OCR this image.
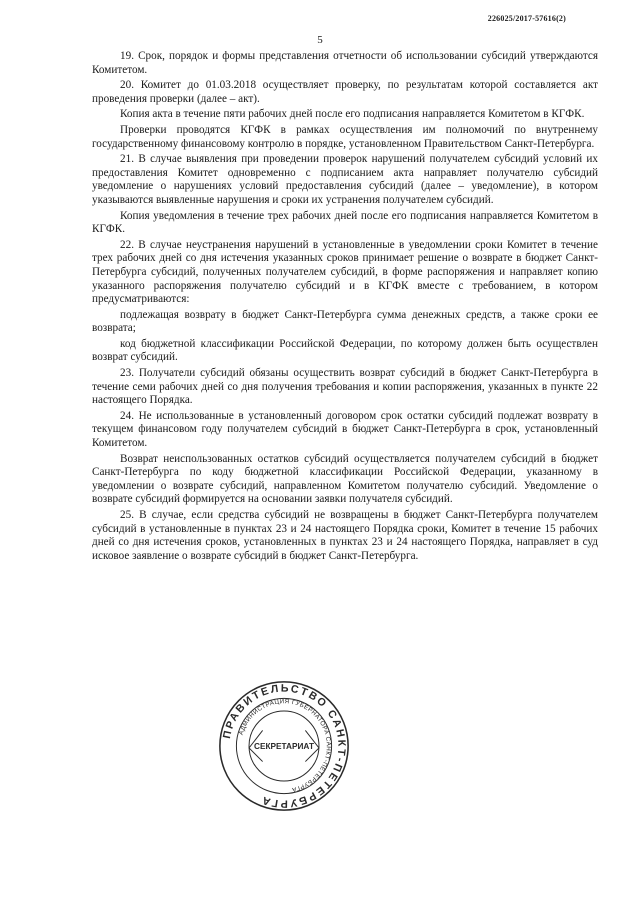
226025/2017-57616(2)
5

19. Срок, порядок и формы представления отчетности об использовании субсидий утверждаются Комитетом.

20. Комитет до 01.03.2018 осуществляет проверку, по результатам которой составляется акт проведения проверки (далее – акт).

Копия акта в течение пяти рабочих дней после его подписания направляется Комитетом в КГФК.

Проверки проводятся КГФК в рамках осуществления им полномочий по внутреннему государственному финансовому контролю в порядке, установленном Правительством Санкт-Петербурга.

21. В случае выявления при проведении проверок нарушений получателем субсидий условий их предоставления Комитет одновременно с подписанием акта направляет получателю субсидий уведомление о нарушениях условий предоставления субсидий (далее – уведомление), в котором указываются выявленные нарушения и сроки их устранения получателем субсидий.

Копия уведомления в течение трех рабочих дней после его подписания направляется Комитетом в КГФК.

22. В случае неустранения нарушений в установленные в уведомлении сроки Комитет в течение трех рабочих дней со дня истечения указанных сроков принимает решение о возврате в бюджет Санкт-Петербурга субсидий, полученных получателем субсидий, в форме распоряжения и направляет копию указанного распоряжения получателю субсидий и в КГФК вместе с требованием, в котором предусматриваются:

подлежащая возврату в бюджет Санкт-Петербурга сумма денежных средств, а также сроки ее возврата;

код бюджетной классификации Российской Федерации, по которому должен быть осуществлен возврат субсидий.

23. Получатели субсидий обязаны осуществить возврат субсидий в бюджет Санкт-Петербурга в течение семи рабочих дней со дня получения требования и копии распоряжения, указанных в пункте 22 настоящего Порядка.

24. Не использованные в установленный договором срок остатки субсидий подлежат возврату в текущем финансовом году получателем субсидий в бюджет Санкт-Петербурга в срок, установленный Комитетом.

Возврат неиспользованных остатков субсидий осуществляется получателем субсидий в бюджет Санкт-Петербурга по коду бюджетной классификации Российской Федерации, указанному в уведомлении о возврате субсидий, направленном Комитетом получателю субсидий. Уведомление о возврате субсидий формируется на основании заявки получателя субсидий.

25. В случае, если средства субсидий не возвращены в бюджет Санкт-Петербурга получателем субсидий в установленные в пунктах 23 и 24 настоящего Порядка сроки, Комитет в течение 15 рабочих дней со дня истечения сроков, установленных в пунктах 23 и 24 настоящего Порядка, направляет в суд исковое заявление о возврате субсидий в бюджет Санкт-Петербурга.

ПРАВИТЕЛЬСТВО САНКТ-ПЕТЕРБУРГА
АДМИНИСТРАЦИЯ ГУБЕРНАТОРА САНКТ-ПЕТЕРБУРГА
СЕКРЕТАРИАТ
